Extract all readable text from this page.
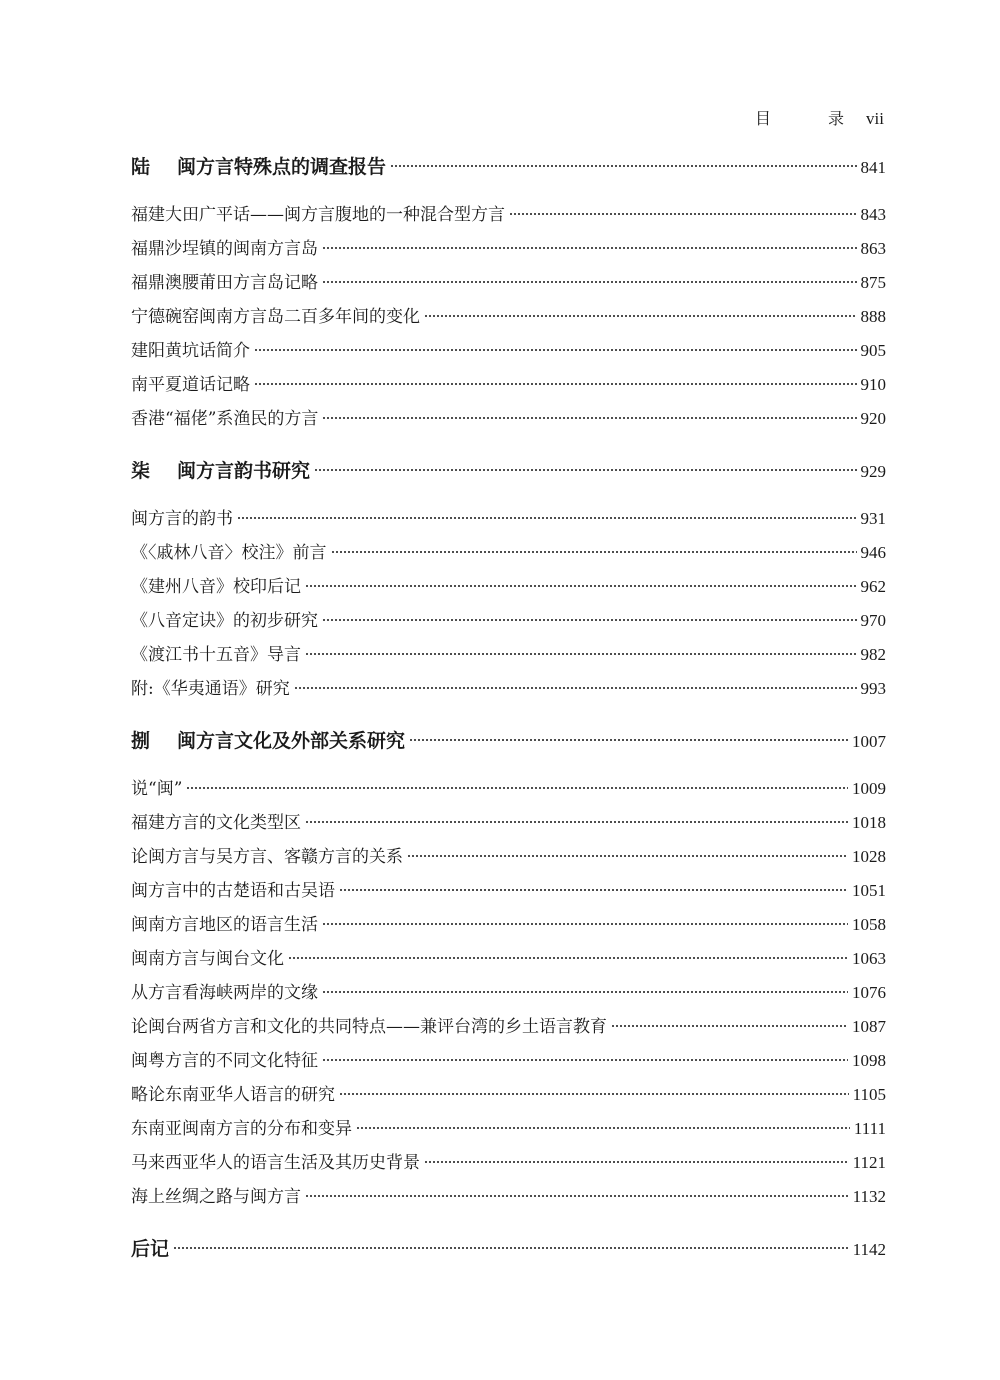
目 录
vii
陆 闽方言特殊点的调查报告	841
福建大田广平话——闽方言腹地的一种混合型方言	843
福鼎沙埕镇的闽南方言岛	863
福鼎澳腰莆田方言岛记略	875
宁德碗窑闽南方言岛二百多年间的变化	888
建阳黄坑话简介	905
南平夏道话记略	910
香港“福佬”系渔民的方言	920
柒 闽方言韵书研究	929
闽方言的韵书	931
《〈戚林八音〉校注》前言	946
《建州八音》校印后记	962
《八音定诀》的初步研究	970
《渡江书十五音》导言	982
附:《华夷通语》研究	993
捌 闽方言文化及外部关系研究	1007
说“闽”	1009
福建方言的文化类型区	1018
论闽方言与吴方言、客赣方言的关系	1028
闽方言中的古楚语和古吴语	1051
闽南方言地区的语言生活	1058
闽南方言与闽台文化	1063
从方言看海峡两岸的文缘	1076
论闽台两省方言和文化的共同特点——兼评台湾的乡土语言教育	1087
闽粤方言的不同文化特征	1098
略论东南亚华人语言的研究	1105
东南亚闽南方言的分布和变异	1111
马来西亚华人的语言生活及其历史背景	1121
海上丝绸之路与闽方言	1132
后记	1142
